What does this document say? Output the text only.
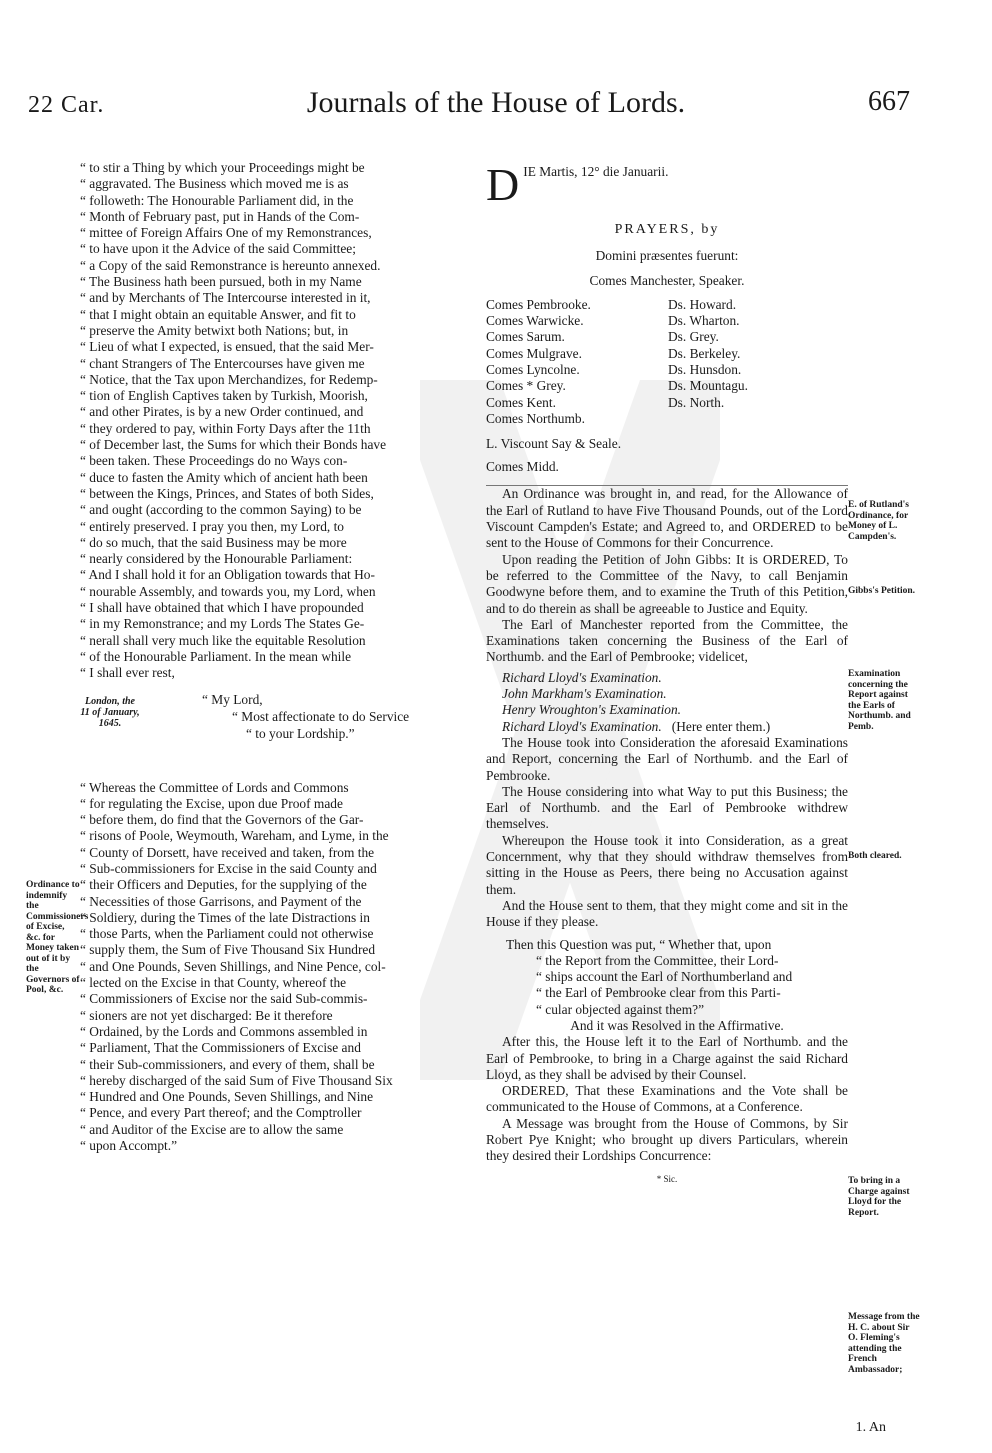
22 Car.	Journals of the House of Lords.	667
“ to stir a Thing by which your Proceedings might be
“ aggravated. The Business which moved me is as
“ followeth: The Honourable Parliament did, in the
“ Month of February past, put in Hands of the Com-
“ mittee of Foreign Affairs One of my Remonstrances,
“ to have upon it the Advice of the said Committee;
“ a Copy of the said Remonstrance is hereunto annexed.
“ The Business hath been pursued, both in my Name
“ and by Merchants of The Intercourse interested in it,
“ that I might obtain an equitable Answer, and fit to
“ preserve the Amity betwixt both Nations; but, in
“ Lieu of what I expected, is ensued, that the said Mer-
“ chant Strangers of The Entercourses have given me
“ Notice, that the Tax upon Merchandizes, for Redemp-
“ tion of English Captives taken by Turkish, Moorish,
“ and other Pirates, is by a new Order continued, and
“ they ordered to pay, within Forty Days after the 11th
“ of December last, the Sums for which their Bonds have
“ been taken. These Proceedings do no Ways con-
“ duce to fasten the Amity which of ancient hath been
“ between the Kings, Princes, and States of both Sides,
“ and ought (according to the common Saying) to be
“ entirely preserved. I pray you then, my Lord, to
“ do so much, that the said Business may be more
“ nearly considered by the Honourable Parliament:
“ And I shall hold it for an Obligation towards that Ho-
“ nourable Assembly, and towards you, my Lord, when
“ I shall have obtained that which I have propounded
“ in my Remonstrance; and my Lords The States Ge-
“ nerall shall very much like the equitable Resolution
“ of the Honourable Parliament. In the mean while
“ I shall ever rest,
London, the 11 of January, 1645.
“ My Lord,
“ Most affectionate to do Service
“ to your Lordship.”
“ Whereas the Committee of Lords and Commons
“ for regulating the Excise, upon due Proof made
“ before them, do find that the Governors of the Gar-
“ risons of Poole, Weymouth, Wareham, and Lyme, in the
“ County of Dorsett, have received and taken, from the
“ Sub-commissioners for Excise in the said County and
“ their Officers and Deputies, for the supplying of the
“ Necessities of those Garrisons, and Payment of the
“ Soldiery, during the Times of the late Distractions in
“ those Parts, when the Parliament could not otherwise
“ supply them, the Sum of Five Thousand Six Hundred
“ and One Pounds, Seven Shillings, and Nine Pence, col-
“ lected on the Excise in that County, whereof the
“ Commissioners of Excise nor the said Sub-commis-
“ sioners are not yet discharged: Be it therefore
“ Ordained, by the Lords and Commons assembled in
“ Parliament, That the Commissioners of Excise and
“ their Sub-commissioners, and every of them, shall be
“ hereby discharged of the said Sum of Five Thousand Six
“ Hundred and One Pounds, Seven Shillings, and Nine
“ Pence, and every Part thereof; and the Comptroller
“ and Auditor of the Excise are to allow the same
“ upon Accompt.”
Ordinance to indemnify the Commissioners of Excise, &c. for Money taken out of it by the Governors of Pool, &c.
D IE Martis, 12° die Januarii.
PRAYERS, by
Domini præsentes fuerunt:
Comes Manchester, Speaker.
Comes Pembrooke.
Comes Warwicke.
Comes Sarum.
Comes Mulgrave.
Comes Lyncolne.
Comes * Grey.
Comes Kent.
Comes Northumb.
Ds. Howard.
Ds. Wharton.
Ds. Grey.
Ds. Berkeley.
Ds. Hunsdon.
Ds. Mountagu.
Ds. North.

L. Viscount Say & Seale.

Comes Midd.

An Ordinance was brought in, and read, for the Allowance of the Earl of Rutland to have Five Thousand Pounds, out of the Lord Viscount Campden's Estate; and Agreed to, and ORDERED to be sent to the House of Commons for their Concurrence.

Upon reading the Petition of John Gibbs: It is ORDERED, To be referred to the Committee of the Navy, to call Benjamin Goodwyne before them, and to examine the Truth of this Petition, and to do therein as shall be agreeable to Justice and Equity.

The Earl of Manchester reported from the Committee, the Examinations taken concerning the Business of the Earl of Northumb. and the Earl of Pembrooke; videlicet,

Richard Lloyd's Examination.
John Markham's Examination.
Henry Wroughton's Examination.
Richard Lloyd's Examination. (Here enter them.)

The House took into Consideration the aforesaid Examinations and Report, concerning the Earl of Northumb. and the Earl of Pembrooke.

The House considering into what Way to put this Business; the Earl of Northumb. and the Earl of Pembrooke withdrew themselves.

Whereupon the House took it into Consideration, as a great Concernment, why that they should withdraw themselves from sitting in the House as Peers, there being no Accusation against them.

And the House sent to them, that they might come and sit in the House if they please.

Then this Question was put, “ Whether that, upon
“ the Report from the Committee, their Lord-
“ ships account the Earl of Northumberland and
“ the Earl of Pembrooke clear from this Parti-
“ cular objected against them?”
And it was Resolved in the Affirmative.

After this, the House left it to the Earl of Northumb. and the Earl of Pembrooke, to bring in a Charge against the said Richard Lloyd, as they shall be advised by their Counsel.

ORDERED, That these Examinations and the Vote shall be communicated to the House of Commons, at a Conference.

A Message was brought from the House of Commons, by Sir Robert Pye Knight; who brought up divers Particulars, wherein they desired their Lordships Concurrence:

* Sic.
E. of Rutland's Ordinance, for Money of L. Campden's.
Gibbs's Petition.
Examination concerning the Report against the Earls of Northumb. and Pemb.
Both cleared.
To bring in a Charge against Lloyd for the Report.
Message from the H. C. about Sir O. Fleming's attending the French Ambassador;
1. An
